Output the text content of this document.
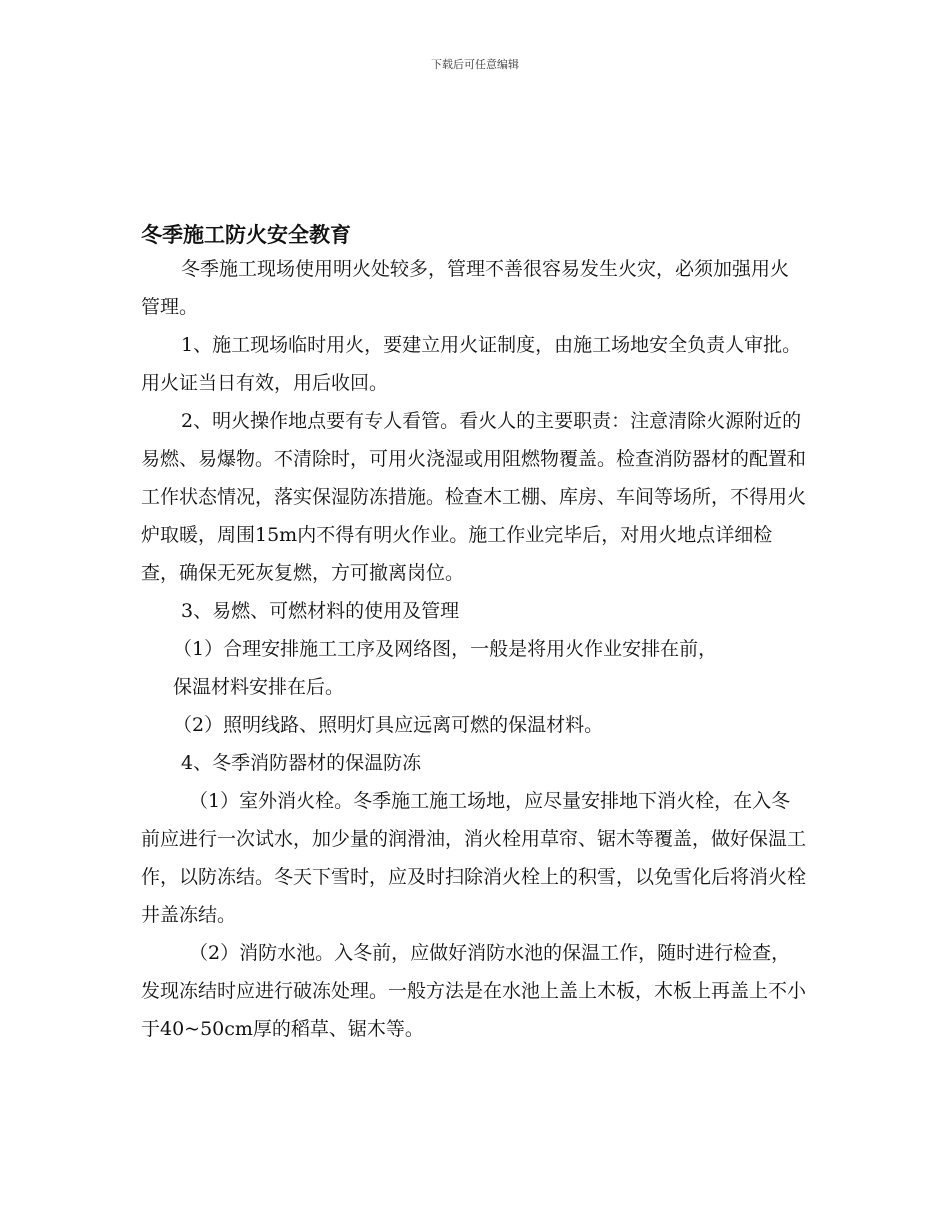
下载后可任意编辑
冬季施工防火安全教育

冬季施工现场使用明火处较多，管理不善很容易发生火灾，必须加强用火管理。

1、施工现场临时用火，要建立用火证制度，由施工场地安全负责人审批。用火证当日有效，用后收回。

2、明火操作地点要有专人看管。看火人的主要职责：注意清除火源附近的易燃、易爆物。不清除时，可用火浇湿或用阻燃物覆盖。检查消防器材的配置和工作状态情况，落实保湿防冻措施。检查木工棚、库房、车间等场所，不得用火炉取暖，周围15m内不得有明火作业。施工作业完毕后，对用火地点详细检查，确保无死灰复燃，方可撤离岗位。

3、易燃、可燃材料的使用及管理

（1）合理安排施工工序及网络图，一般是将用火作业安排在前，

保温材料安排在后。

（2）照明线路、照明灯具应远离可燃的保温材料。

4、冬季消防器材的保温防冻

（1）室外消火栓。冬季施工施工场地，应尽量安排地下消火栓，在入冬前应进行一次试水，加少量的润滑油，消火栓用草帘、锯木等覆盖，做好保温工作，以防冻结。冬天下雪时，应及时扫除消火栓上的积雪，以免雪化后将消火栓井盖冻结。

（2）消防水池。入冬前，应做好消防水池的保温工作，随时进行检查，发现冻结时应进行破冻处理。一般方法是在水池上盖上木板，木板上再盖上不小于40~50cm厚的稻草、锯木等。
